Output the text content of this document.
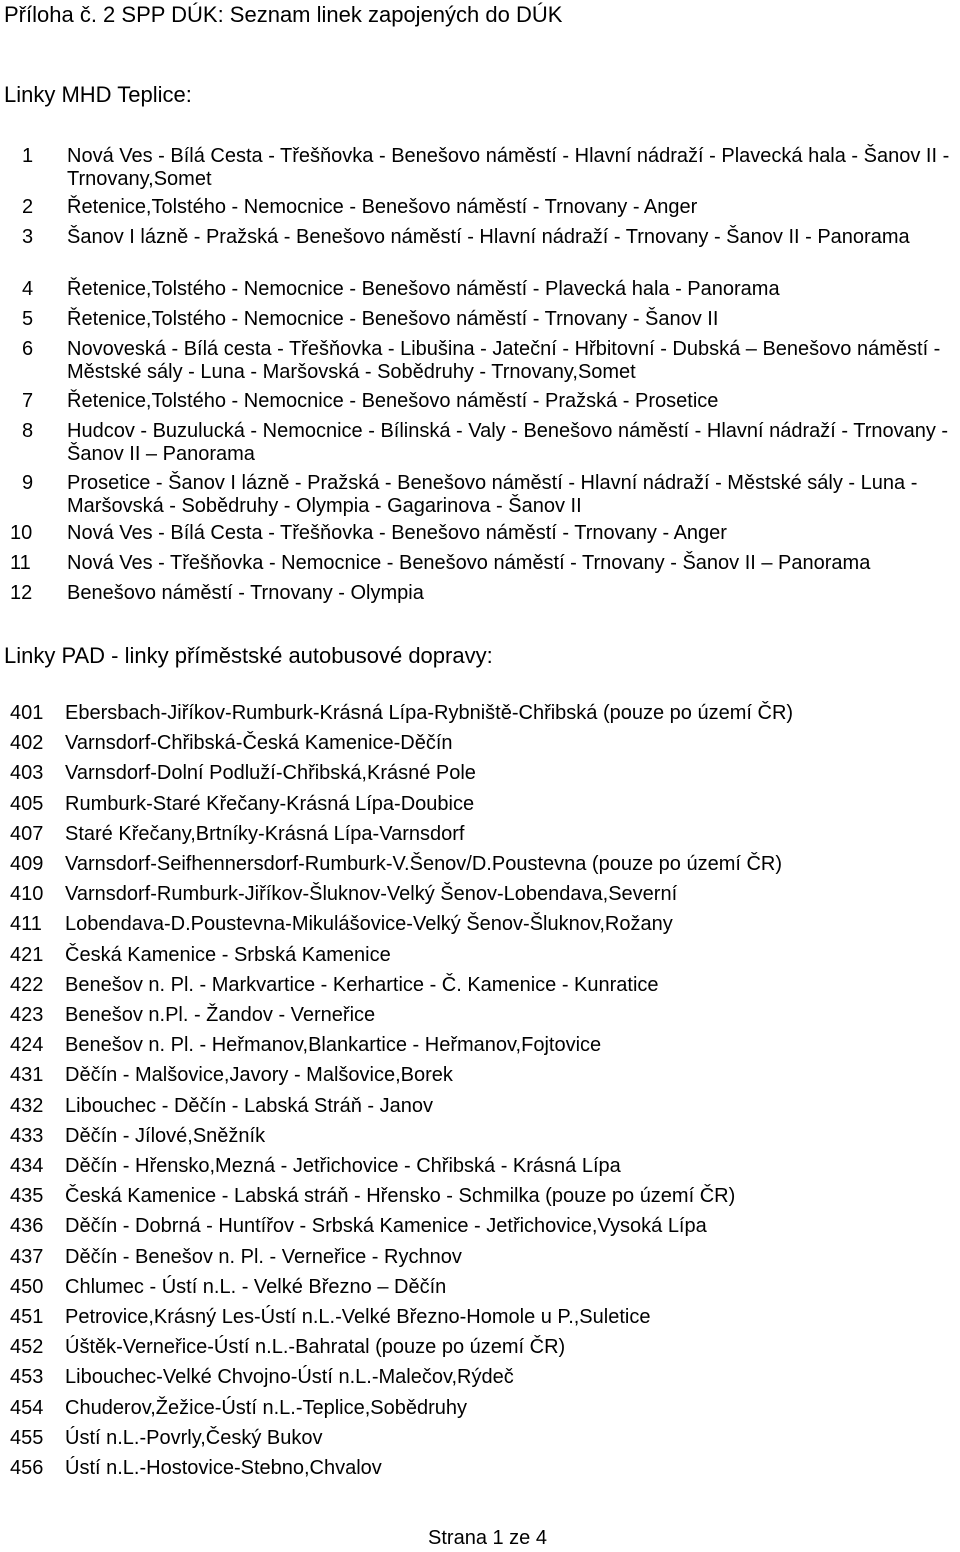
Příloha č. 2 SPP DÚK: Seznam linek zapojených do DÚK
Linky MHD Teplice:
1 Nová Ves - Bílá Cesta - Třešňovka - Benešovo náměstí - Hlavní nádraží - Plavecká hala - Šanov II - Trnovany,Somet
2 Řetenice,Tolstého - Nemocnice - Benešovo náměstí - Trnovany - Anger
3 Šanov I lázně - Pražská - Benešovo náměstí - Hlavní nádraží - Trnovany - Šanov II - Panorama
4 Řetenice,Tolstého - Nemocnice - Benešovo náměstí - Plavecká hala - Panorama
5 Řetenice,Tolstého - Nemocnice - Benešovo náměstí - Trnovany - Šanov II
6 Novoveská - Bílá cesta - Třešňovka - Libušina - Jateční - Hřbitovní - Dubská – Benešovo náměstí - Městské sály - Luna - Maršovská - Sobědruhy - Trnovany,Somet
7 Řetenice,Tolstého - Nemocnice - Benešovo náměstí - Pražská - Prosetice
8 Hudcov - Buzulucká - Nemocnice - Bílinská - Valy - Benešovo náměstí - Hlavní nádraží - Trnovany - Šanov II – Panorama
9 Prosetice - Šanov I lázně - Pražská - Benešovo náměstí - Hlavní nádraží - Městské sály - Luna - Maršovská - Sobědruhy - Olympia - Gagarinova - Šanov II
10 Nová Ves - Bílá Cesta - Třešňovka - Benešovo náměstí - Trnovany - Anger
11 Nová Ves - Třešňovka - Nemocnice - Benešovo náměstí - Trnovany - Šanov II – Panorama
12 Benešovo náměstí - Trnovany - Olympia
Linky PAD - linky příměstské autobusové dopravy:
401 Ebersbach-Jiříkov-Rumburk-Krásná Lípa-Rybniště-Chřibská (pouze po území ČR)
402 Varnsdorf-Chřibská-Česká Kamenice-Děčín
403 Varnsdorf-Dolní Podluží-Chřibská,Krásné Pole
405 Rumburk-Staré Křečany-Krásná Lípa-Doubice
407 Staré Křečany,Brtníky-Krásná Lípa-Varnsdorf
409 Varnsdorf-Seifhennersdorf-Rumburk-V.Šenov/D.Poustevna (pouze po území ČR)
410 Varnsdorf-Rumburk-Jiříkov-Šluknov-Velký Šenov-Lobendava,Severní
411 Lobendava-D.Poustevna-Mikulášovice-Velký Šenov-Šluknov,Rožany
421 Česká Kamenice - Srbská Kamenice
422 Benešov n. Pl. - Markvartice - Kerhartice - Č. Kamenice - Kunratice
423 Benešov n.Pl. - Žandov - Verneřice
424 Benešov n. Pl. - Heřmanov,Blankartice - Heřmanov,Fojtovice
431 Děčín - Malšovice,Javory - Malšovice,Borek
432 Libouchec - Děčín - Labská Stráň - Janov
433 Děčín - Jílové,Sněžník
434 Děčín - Hřensko,Mezná - Jetřichovice - Chřibská - Krásná Lípa
435 Česká Kamenice - Labská stráň - Hřensko - Schmilka (pouze po území ČR)
436 Děčín - Dobrná - Huntířov - Srbská Kamenice - Jetřichovice,Vysoká Lípa
437 Děčín - Benešov n. Pl. - Verneřice - Rychnov
450 Chlumec - Ústí n.L. - Velké Březno – Děčín
451 Petrovice,Krásný Les-Ústí n.L.-Velké Březno-Homole u P.,Suletice
452 Úštěk-Verneřice-Ústí n.L.-Bahratal (pouze po území ČR)
453 Libouchec-Velké Chvojno-Ústí n.L.-Malečov,Rýdeč
454 Chuderov,Žežice-Ústí n.L.-Teplice,Sobědruhy
455 Ústí n.L.-Povrly,Český Bukov
456 Ústí n.L.-Hostovice-Stebno,Chvalov
Strana 1 ze 4
